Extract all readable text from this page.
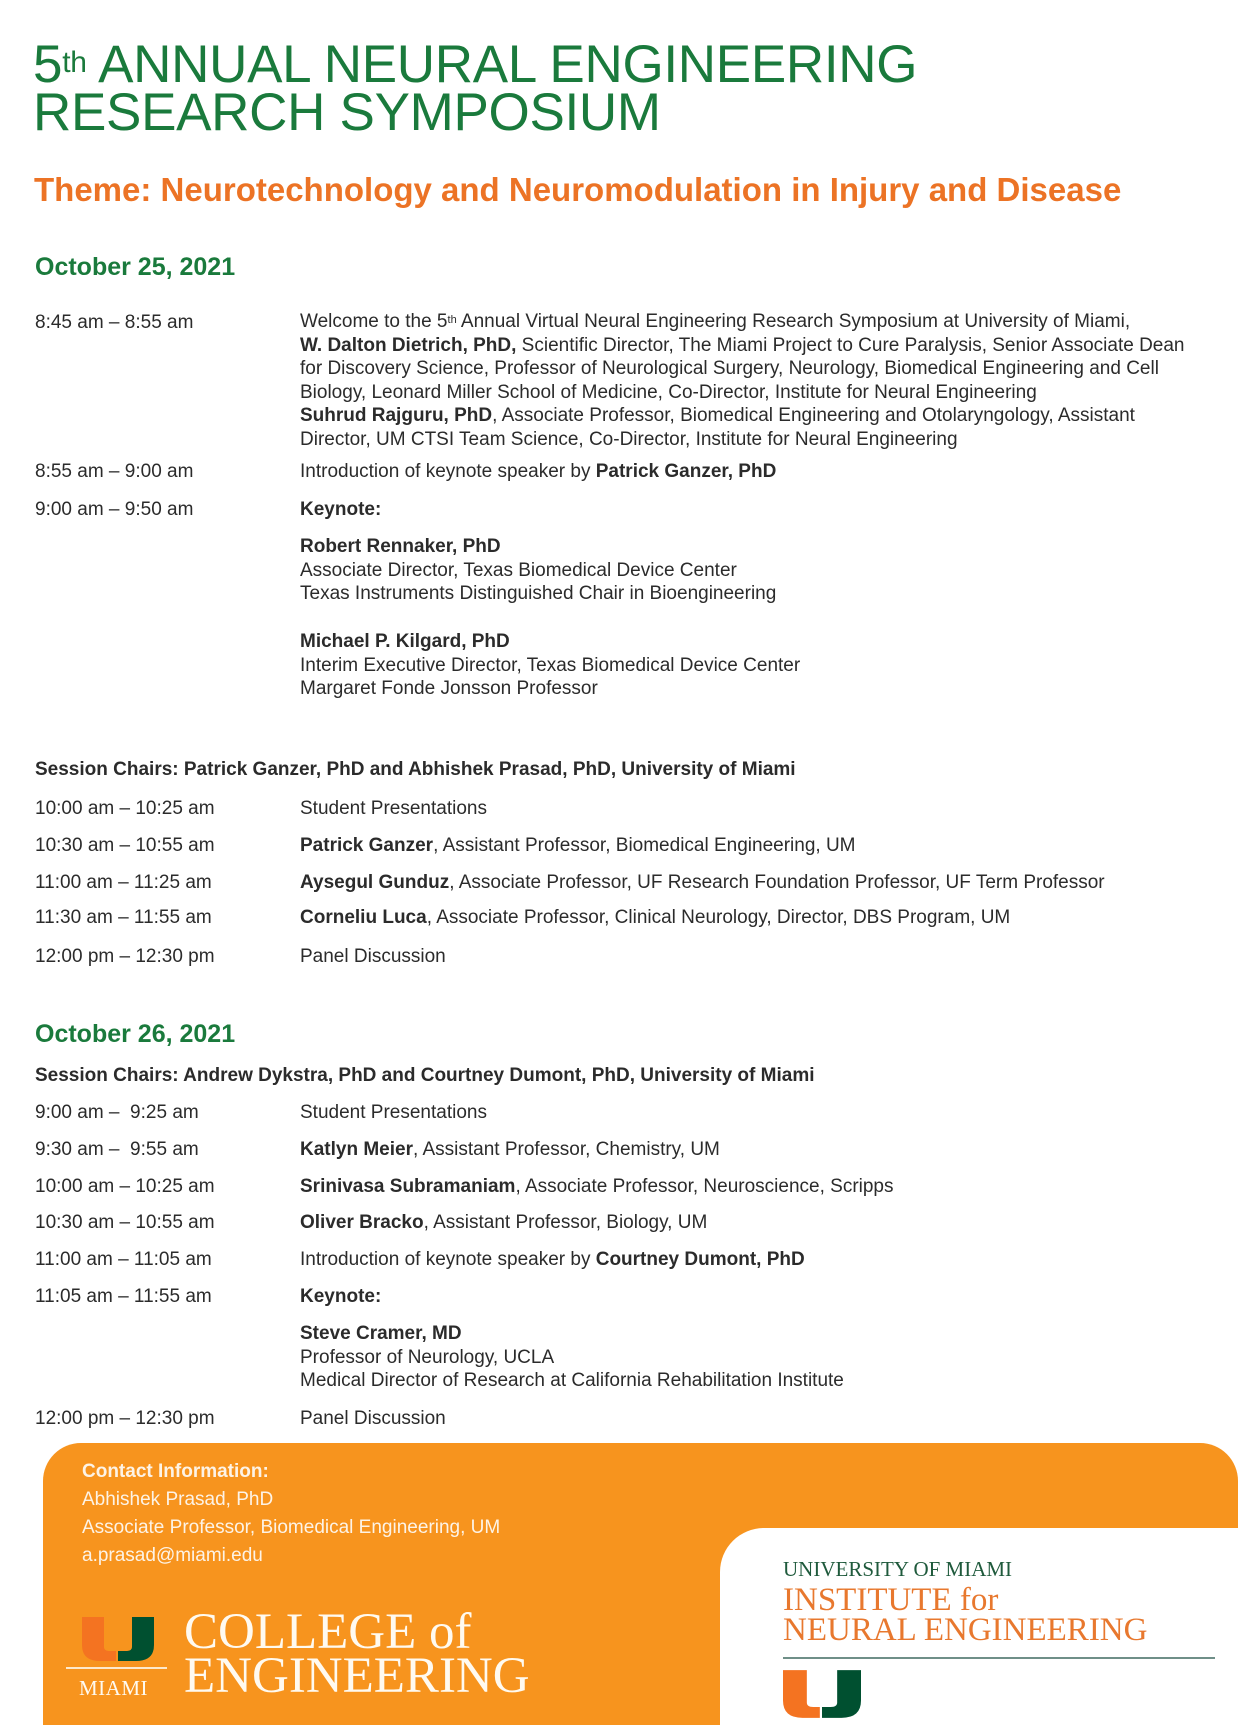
5th ANNUAL NEURAL ENGINEERING
RESEARCH SYMPOSIUM
Theme: Neurotechnology and Neuromodulation in Injury and Disease
October 25, 2021
8:45 am – 8:55 am	Welcome to the 5th Annual Virtual Neural Engineering Research Symposium at University of Miami,
W. Dalton Dietrich, PhD, Scientific Director, The Miami Project to Cure Paralysis, Senior Associate Dean
for Discovery Science, Professor of Neurological Surgery, Neurology, Biomedical Engineering and Cell
Biology, Leonard Miller School of Medicine, Co-Director, Institute for Neural Engineering
Suhrud Rajguru, PhD, Associate Professor, Biomedical Engineering and Otolaryngology, Assistant
Director, UM CTSI Team Science, Co-Director, Institute for Neural Engineering
8:55 am – 9:00 am	Introduction of keynote speaker by Patrick Ganzer, PhD
9:00 am – 9:50 am	Keynote:
Robert Rennaker, PhD
Associate Director, Texas Biomedical Device Center
Texas Instruments Distinguished Chair in Bioengineering
Michael P. Kilgard, PhD
Interim Executive Director, Texas Biomedical Device Center
Margaret Fonde Jonsson Professor
Session Chairs: Patrick Ganzer, PhD and Abhishek Prasad, PhD, University of Miami
10:00 am – 10:25 am	Student Presentations
10:30 am – 10:55 am	Patrick Ganzer, Assistant Professor, Biomedical Engineering, UM
11:00 am – 11:25 am	Aysegul Gunduz, Associate Professor, UF Research Foundation Professor, UF Term Professor
11:30 am – 11:55 am	Corneliu Luca, Associate Professor, Clinical Neurology, Director, DBS Program, UM
12:00 pm – 12:30 pm	Panel Discussion
October 26, 2021
Session Chairs: Andrew Dykstra, PhD and Courtney Dumont, PhD, University of Miami
9:00 am –  9:25 am	Student Presentations
9:30 am –  9:55 am	Katlyn Meier, Assistant Professor, Chemistry, UM
10:00 am – 10:25 am	Srinivasa Subramaniam, Associate Professor, Neuroscience, Scripps
10:30 am – 10:55 am	Oliver Bracko, Assistant Professor, Biology, UM
11:00 am – 11:05 am	Introduction of keynote speaker by Courtney Dumont, PhD
11:05 am – 11:55 am	Keynote:
Steve Cramer, MD
Professor of Neurology, UCLA
Medical Director of Research at California Rehabilitation Institute
12:00 pm – 12:30 pm	Panel Discussion
Contact Information:
Abhishek Prasad, PhD
Associate Professor, Biomedical Engineering, UM
a.prasad@miami.edu
MIAMI
COLLEGE of
ENGINEERING
UNIVERSITY OF MIAMI
INSTITUTE for
NEURAL ENGINEERING
